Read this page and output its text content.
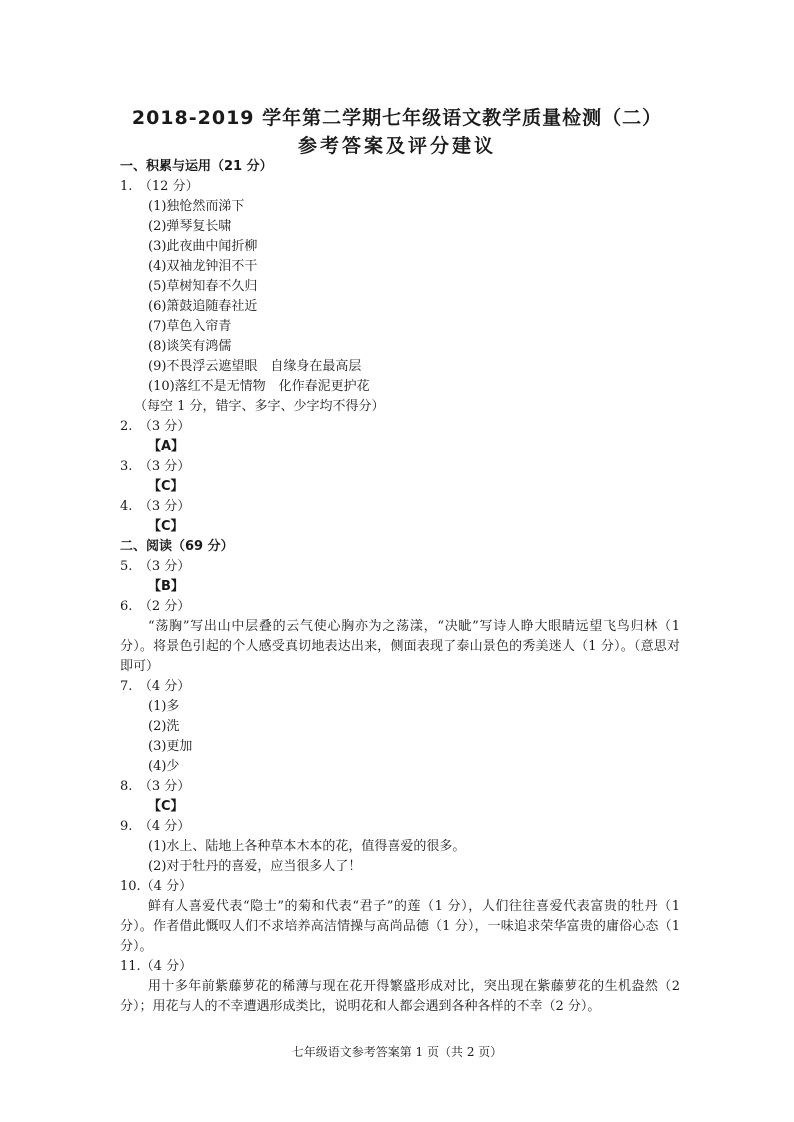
2018-2019 学年第二学期七年级语文教学质量检测（二）
参考答案及评分建议
一、积累与运用（21 分）
1.　（12 分）
(1)独怆然而涕下
(2)弹琴复长啸
(3)此夜曲中闻折柳
(4)双袖龙钟泪不干
(5)草树知春不久归
(6)箫鼓追随春社近
(7)草色入帘青
(8)谈笑有鸿儒
(9)不畏浮云遮望眼　自缘身在最高层
(10)落红不是无情物　化作春泥更护花
（每空 1 分，错字、多字、少字均不得分）
2.　（3 分）
【A】
3.　（3 分）
【C】
4.　（3 分）
【C】
二、阅读（69 分）
5.　（3 分）
【B】
6.　（2 分）
“荡胸”写出山中层叠的云气使心胸亦为之荡漾，“决眦”写诗人睁大眼睛远望飞鸟归林（1 分）。将景色引起的个人感受真切地表达出来，侧面表现了泰山景色的秀美迷人（1 分）。（意思对即可）
7.　（4 分）
(1)多
(2)洗
(3)更加
(4)少
8.　（3 分）
【C】
9.　（4 分）
(1)水上、陆地上各种草本木本的花，值得喜爱的很多。
(2)对于牡丹的喜爱，应当很多人了！
10.（4 分）
鲜有人喜爱代表“隐士”的菊和代表“君子”的莲（1 分），人们往往喜爱代表富贵的牡丹（1 分）。作者借此慨叹人们不求培养高洁情操与高尚品德（1 分），一味追求荣华富贵的庸俗心态（1 分）。
11.（4 分）
用十多年前紫藤萝花的稀薄与现在花开得繁盛形成对比，突出现在紫藤萝花的生机盎然（2 分）；用花与人的不幸遭遇形成类比，说明花和人都会遇到各种各样的不幸（2 分）。
七年级语文参考答案第 1 页（共 2 页）
